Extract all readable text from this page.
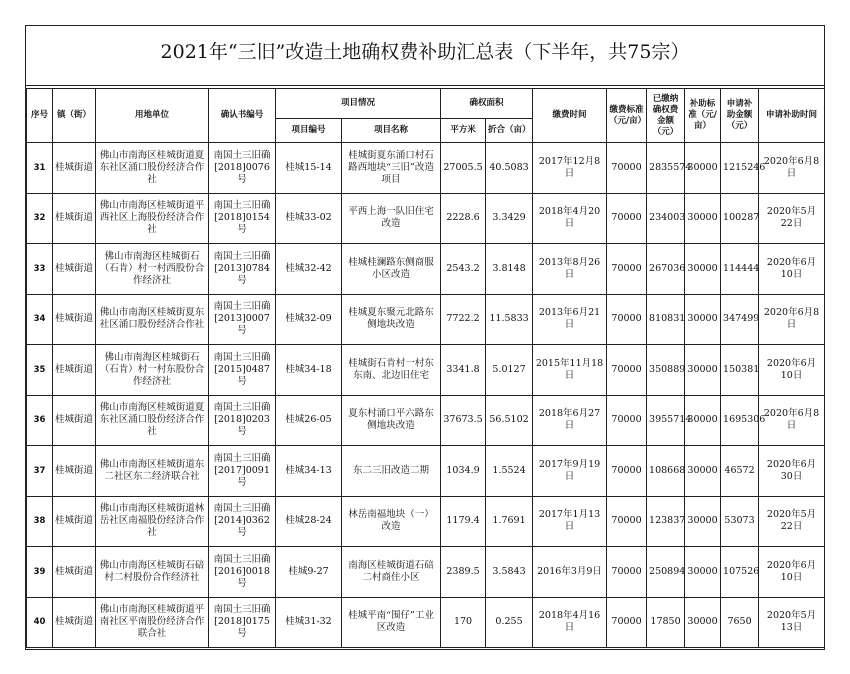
2021年“三旧”改造土地确权费补助汇总表（下半年，共75宗）
序号	镇（街）	用地单位	确认书编号	项目情况		确权面积		缴费时间	缴费标准（元/亩）	已缴纳确权费金额（元）	补助标准（元/亩）	申请补助金额（元）	申请补助时间
				项目编号	项目名称	平方米	折合（亩）						
31	桂城街道	佛山市南海区桂城街道夏东社区涌口股份经济合作社	南国土三旧确[2018]0076号	桂城15-14	桂城街夏东涌口村石路西地块“三旧”改造项目	27005.5	40.5083	2017年12月8日	70000	2835574	30000	1215246	2020年6月8日
32	桂城街道	佛山市南海区桂城街道平西社区上海股份经济合作社	南国土三旧确[2018]0154号	桂城33-02	平西上海一队旧住宅改造	2228.6	3.3429	2018年4月20日	70000	234003	30000	100287	2020年5月22日
33	桂城街道	佛山市南海区桂城街石（石肯）村一村西股份合作经济社	南国土三旧确[2013]0784号	桂城32-42	桂城桂澜路东侧商服小区改造	2543.2	3.8148	2013年8月26日	70000	267036	30000	114444	2020年6月10日
34	桂城街道	佛山市南海区桂城街夏东社区涌口股份经济合作社	南国土三旧确[2013]0007号	桂城32-09	桂城夏东聚元北路东侧地块改造	7722.2	11.5833	2013年6月21日	70000	810831	30000	347499	2020年6月8日
35	桂城街道	佛山市南海区桂城街石（石肯）村一村东股份合作经济社	南国土三旧确[2015]0487号	桂城34-18	桂城街石肯村一村东东南、北边旧住宅	3341.8	5.0127	2015年11月18日	70000	350889	30000	150381	2020年6月10日
36	桂城街道	佛山市南海区桂城街道夏东社区涌口股份经济合作社	南国土三旧确[2018]0203号	桂城26-05	夏东村涌口平六路东侧地块改造	37673.5	56.5102	2018年6月27日	70000	3955714	30000	1695306	2020年6月8日
37	桂城街道	佛山市南海区桂城街道东二社区东二经济联合社	南国土三旧确[2017]0091号	桂城34-13	东二三旧改造二期	1034.9	1.5524	2017年9月19日	70000	108668	30000	46572	2020年6月30日
38	桂城街道	佛山市南海区桂城街道林岳社区南福股份经济合作社	南国土三旧确[2014]0362号	桂城28-24	林岳南福地块（一）改造	1179.4	1.7691	2017年1月13日	70000	123837	30000	53073	2020年5月22日
39	桂城街道	佛山市南海区桂城街石碚村二村股份合作经济社	南国土三旧确[2016]0018号	桂城9-27	南海区桂城街道石碚二村商住小区	2389.5	3.5843	2016年3月9日	70000	250894	30000	107526	2020年6月10日
40	桂城街道	佛山市南海区桂城街道平南社区平南股份经济合作联合社	南国土三旧确[2018]0175号	桂城31-32	桂城平南“围仔”工业区改造	170	0.255	2018年4月16日	70000	17850	30000	7650	2020年5月13日
